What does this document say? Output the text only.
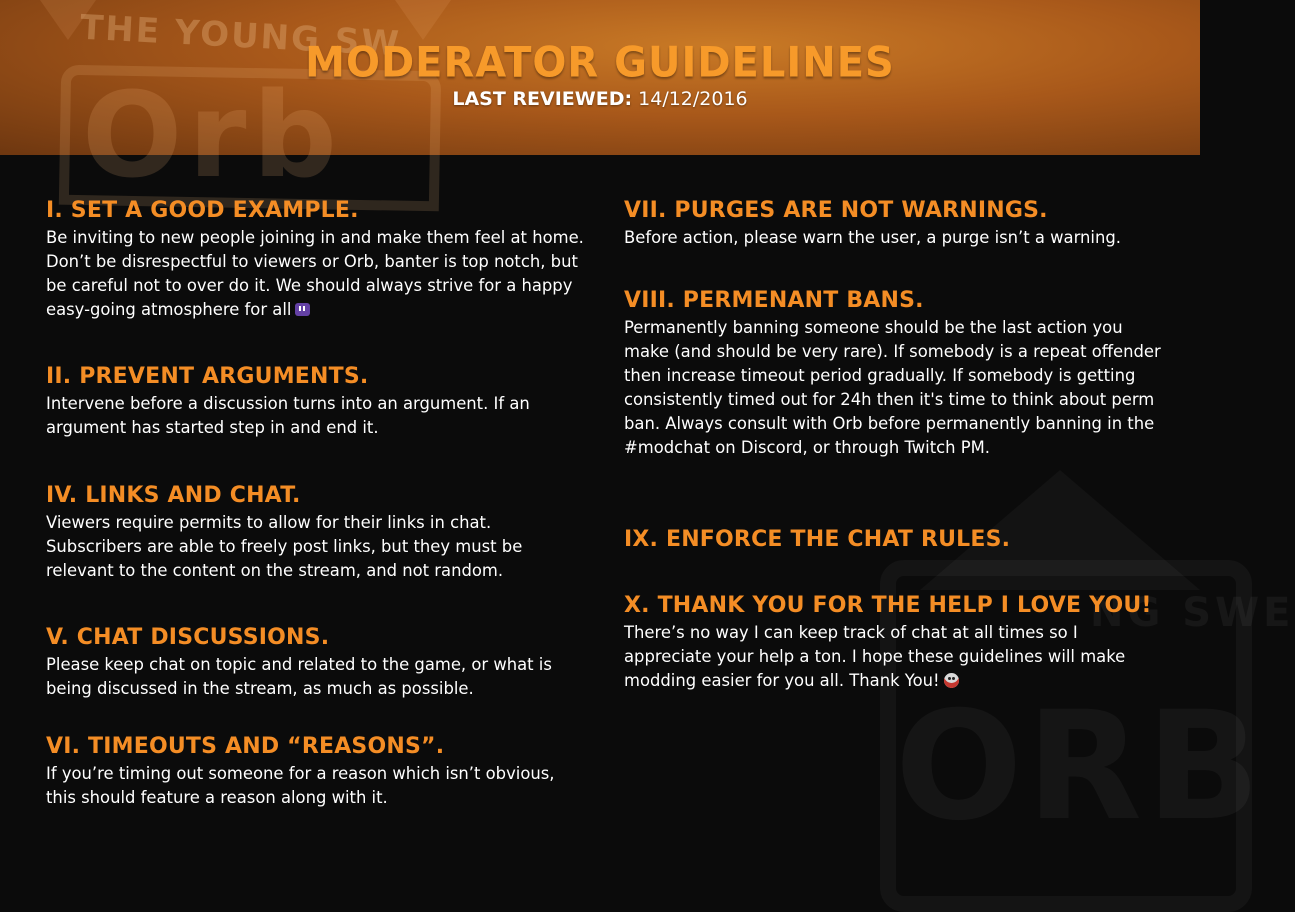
THE YOUNG SW
Orb
MODERATOR GUIDELINES
LAST REVIEWED: 14/12/2016
NG SWE
I. SET A GOOD EXAMPLE.

Be inviting to new people joining in and make them feel at home. Don’t be disrespectful to viewers or Orb, banter is top notch, but be careful not to over do it. We should always strive for a happy easy-going atmosphere for all

II. PREVENT ARGUMENTS.

Intervene before a discussion turns into an argument. If an argument has started step in and end it.

IV. LINKS AND CHAT.

Viewers require permits to allow for their links in chat. Subscribers are able to freely post links, but they must be relevant to the content on the stream, and not random.

V. CHAT DISCUSSIONS.

Please keep chat on topic and related to the game, or what is being discussed in the stream, as much as possible.

VI. TIMEOUTS AND “REASONS”.

If you’re timing out someone for a reason which isn’t obvious, this should feature a reason along with it.

VII. PURGES ARE NOT WARNINGS.

Before action, please warn the user, a purge isn’t a warning.

VIII. PERMENANT BANS.

Permanently banning someone should be the last action you make (and should be very rare). If somebody is a repeat offender then increase timeout period gradually. If somebody is getting consistently timed out for 24h then it's time to think about perm ban. Always consult with Orb before permanently banning in the #modchat on Discord, or through Twitch PM.

IX. ENFORCE THE CHAT RULES.

X. THANK YOU FOR THE HELP I LOVE YOU!

There’s no way I can keep track of chat at all times so I appreciate your help a ton. I hope these guidelines will make modding easier for you all. Thank You!
